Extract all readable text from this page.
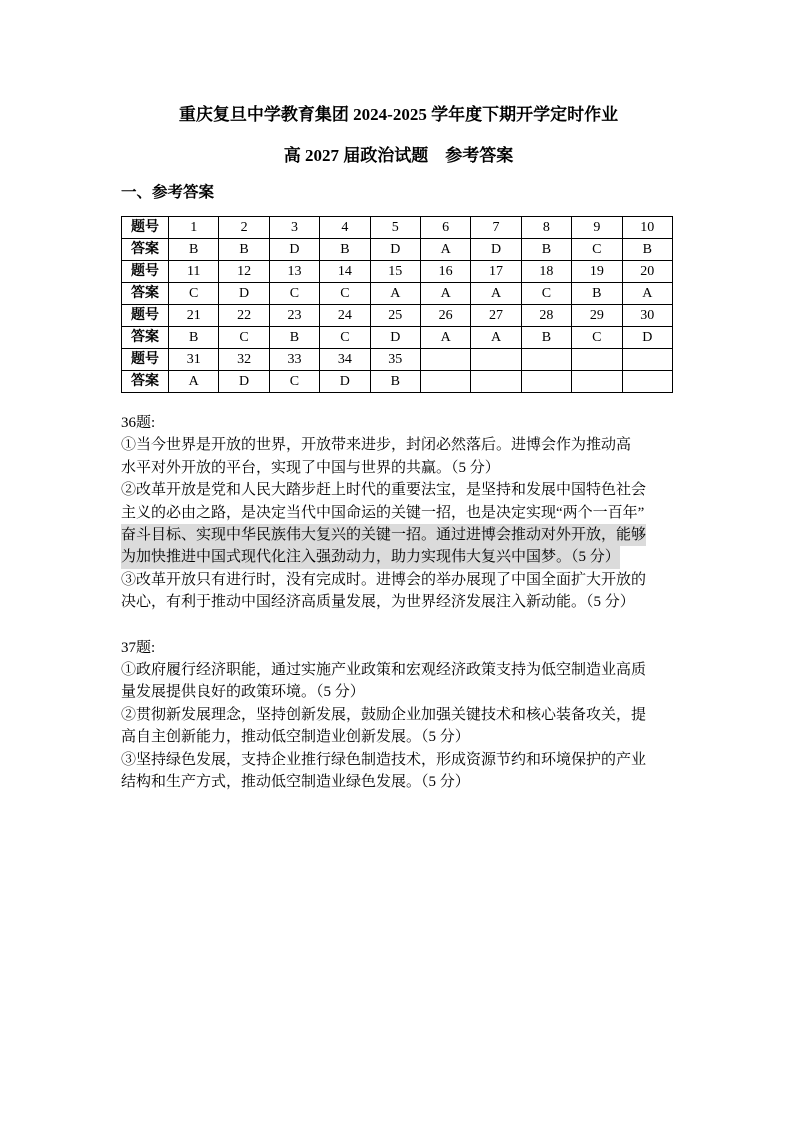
重庆复旦中学教育集团 2024-2025 学年度下期开学定时作业
高 2027 届政治试题　参考答案
一、参考答案
题号	1	2	3	4	5	6	7	8	9	10
答案	B	B	D	B	D	A	D	B	C	B
题号	11	12	13	14	15	16	17	18	19	20
答案	C	D	C	C	A	A	A	C	B	A
题号	21	22	23	24	25	26	27	28	29	30
答案	B	C	B	C	D	A	A	B	C	D
题号	31	32	33	34	35					
答案	A	D	C	D	B					
36题:
①当今世界是开放的世界，开放带来进步，封闭必然落后。进博会作为推动高
水平对外开放的平台，实现了中国与世界的共赢。（5 分）
②改革开放是党和人民大踏步赶上时代的重要法宝，是坚持和发展中国特色社会
主义的必由之路，是决定当代中国命运的关键一招，也是决定实现“两个一百年”
奋斗目标、实现中华民族伟大复兴的关键一招。通过进博会推动对外开放，能够
为加快推进中国式现代化注入强劲动力，助力实现伟大复兴中国梦。（5 分）
③改革开放只有进行时，没有完成时。进博会的举办展现了中国全面扩大开放的
决心，有利于推动中国经济高质量发展，为世界经济发展注入新动能。（5 分）
37题:
①政府履行经济职能，通过实施产业政策和宏观经济政策支持为低空制造业高质
量发展提供良好的政策环境。（5 分）
②贯彻新发展理念，坚持创新发展，鼓励企业加强关键技术和核心装备攻关，提
高自主创新能力，推动低空制造业创新发展。（5 分）
③坚持绿色发展，支持企业推行绿色制造技术，形成资源节约和环境保护的产业
结构和生产方式，推动低空制造业绿色发展。（5 分）
